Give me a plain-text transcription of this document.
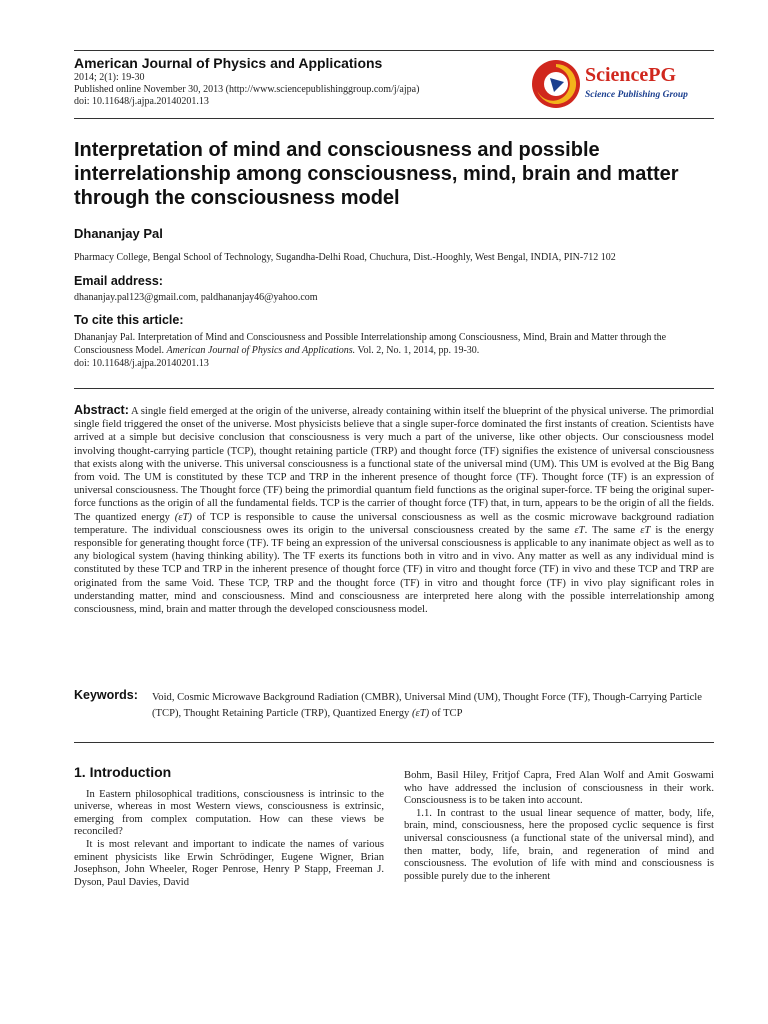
American Journal of Physics and Applications
2014; 2(1): 19-30
Published online November 30, 2013 (http://www.sciencepublishinggroup.com/j/ajpa)
doi: 10.11648/j.ajpa.20140201.13
SciencePG
Science Publishing Group
Interpretation of mind and consciousness and possible interrelationship among consciousness, mind, brain and matter through the consciousness model
Dhananjay Pal
Pharmacy College, Bengal School of Technology, Sugandha-Delhi Road, Chuchura, Dist.-Hooghly, West Bengal, INDIA, PIN-712 102
Email address:
dhananjay.pal123@gmail.com, paldhananjay46@yahoo.com
To cite this article:
Dhananjay Pal. Interpretation of Mind and Consciousness and Possible Interrelationship among Consciousness, Mind, Brain and Matter through the Consciousness Model. American Journal of Physics and Applications. Vol. 2, No. 1, 2014, pp. 19-30.
doi: 10.11648/j.ajpa.20140201.13
Abstract: A single field emerged at the origin of the universe, already containing within itself the blueprint of the physical universe. The primordial single field triggered the onset of the universe. Most physicists believe that a single super-force dominated the first instants of creation. Scientists have arrived at a simple but decisive conclusion that consciousness is very much a part of the universe, like other objects. Our consciousness model involving thought-carrying particle (TCP), thought retaining particle (TRP) and thought force (TF) signifies the existence of universal consciousness that exists along with the universe. This universal consciousness is a functional state of the universal mind (UM). This UM is evolved at the Big Bang from void. The UM is constituted by these TCP and TRP in the inherent presence of thought force (TF). Thought force (TF) is an expression of universal consciousness. The Thought force (TF) being the primordial quantum field functions as the original super-force. TF being the original super-force functions as the origin of all the fundamental fields. TCP is the carrier of thought force (TF) that, in turn, appears to be the origin of all the fields. The quantized energy (εT) of TCP is responsible to cause the universal consciousness as well as the cosmic microwave background radiation temperature. The individual consciousness owes its origin to the universal consciousness created by the same εT. The same εT is the energy responsible for generating thought force (TF). TF being an expression of the universal consciousness is applicable to any inanimate object as well as to any biological system (having thinking ability). The TF exerts its functions both in vitro and in vivo. Any matter as well as any individual mind is constituted by these TCP and TRP in the inherent presence of thought force (TF) in vitro and thought force (TF) in vivo and these TCP and TRP are originated from the same Void. These TCP, TRP and the thought force (TF) in vitro and thought force (TF) in vivo play significant roles in understanding matter, mind and consciousness. Mind and consciousness are interpreted here along with the possible interrelationship among consciousness, mind, brain and matter through the developed consciousness model.
Keywords: Void, Cosmic Microwave Background Radiation (CMBR), Universal Mind (UM), Thought Force (TF), Though-Carrying Particle (TCP), Thought Retaining Particle (TRP), Quantized Energy (εT) of TCP
1. Introduction

In Eastern philosophical traditions, consciousness is intrinsic to the universe, whereas in most Western views, consciousness is extrinsic, emerging from complex computation. How can these views be reconciled?

It is most relevant and important to indicate the names of various eminent physicists like Erwin Schrödinger, Eugene Wigner, Brian Josephson, John Wheeler, Roger Penrose, Henry P Stapp, Freeman J. Dyson, Paul Davies, David

Bohm, Basil Hiley, Fritjof Capra, Fred Alan Wolf and Amit Goswami who have addressed the inclusion of consciousness in their work. Consciousness is to be taken into account.

1.1. In contrast to the usual linear sequence of matter, body, life, brain, mind, consciousness, here the proposed cyclic sequence is first universal consciousness (a functional state of the universal mind), and then matter, body, life, brain, and regeneration of mind and consciousness. The evolution of life with mind and consciousness is possible purely due to the inherent
